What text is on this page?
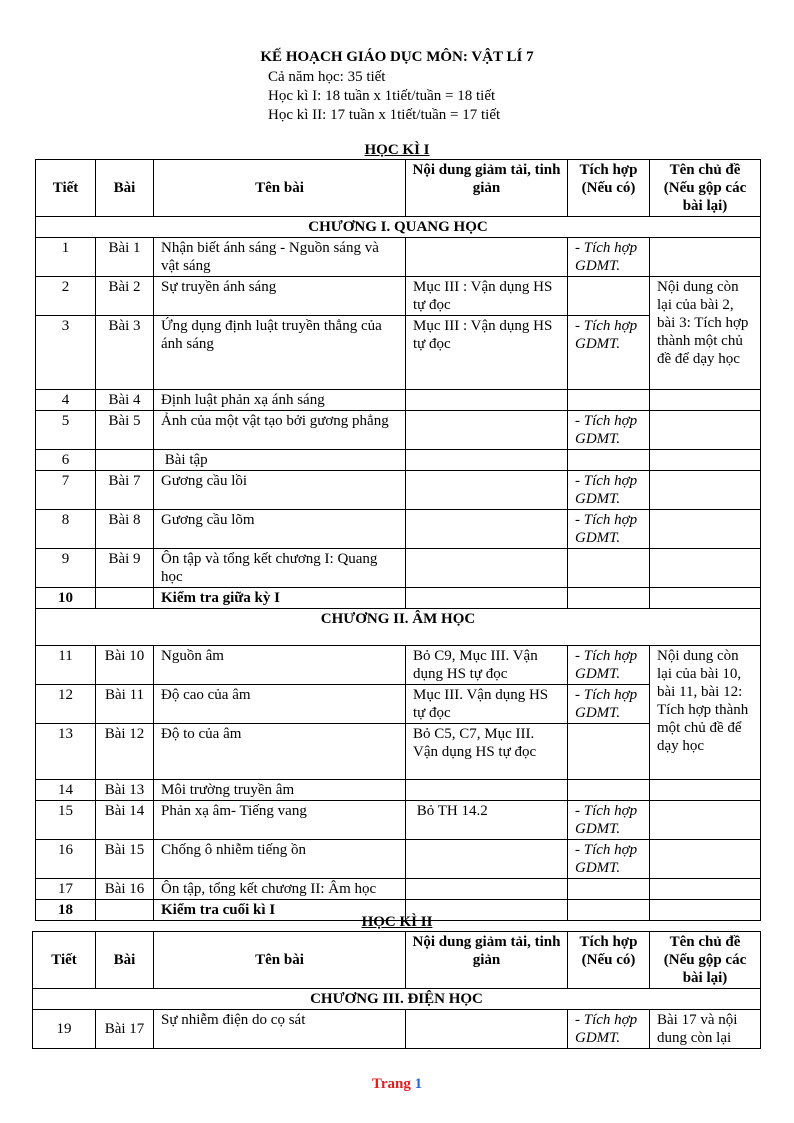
KẾ HOẠCH GIÁO DỤC MÔN: VẬT LÍ 7
Cả năm học: 35 tiết
Học kì I: 18 tuần x 1tiết/tuần = 18 tiết
Học kì II: 17 tuần x 1tiết/tuần = 17 tiết
HỌC KÌ I
Tiết	Bài	Tên bài	Nội dung giảm tải, tinh giản	Tích hợp (Nếu có)	Tên chủ đề (Nếu gộp các bài lại)
CHƯƠNG I. QUANG HỌC					
1	Bài 1	Nhận biết ánh sáng - Nguồn sáng và vật sáng		- Tích hợp GDMT.	
2	Bài 2	Sự truyền ánh sáng	Mục III : Vận dụng HS tự đọc		Nội dung còn lại của bài 2, bài 3: Tích hợp thành một chủ đề để dạy học
3	Bài 3	Ứng dụng định luật truyền thẳng của ánh sáng	Mục III : Vận dụng HS tự đọc	- Tích hợp GDMT.	
4	Bài 4	Định luật phản xạ ánh sáng			
5	Bài 5	Ảnh của một vật tạo bởi gương phẳng		- Tích hợp GDMT.	
6		Bài tập			
7	Bài 7	Gương cầu lồi		- Tích hợp GDMT.	
8	Bài 8	Gương cầu lõm		- Tích hợp GDMT.	
9	Bài 9	Ôn tập và tổng kết chương I: Quang học			
10		Kiểm tra giữa kỳ I			
CHƯƠNG II. ÂM HỌC					
11	Bài 10	Nguồn âm	Bỏ C9, Mục III. Vận dụng HS tự đọc	- Tích hợp GDMT.	Nội dung còn lại của bài 10, bài 11, bài 12: Tích hợp thành một chủ đề để dạy học
12	Bài 11	Độ cao của âm	Mục III. Vận dụng HS tự đọc	- Tích hợp GDMT.	
13	Bài 12	Độ to của âm	Bỏ C5, C7, Mục III. Vận dụng HS tự đọc		
14	Bài 13	Môi trường truyền âm			
15	Bài 14	Phản xạ âm- Tiếng vang	Bỏ TH 14.2	- Tích hợp GDMT.	
16	Bài 15	Chống ô nhiễm tiếng ồn		- Tích hợp GDMT.	
17	Bài 16	Ôn tập, tổng kết chương II: Âm học			
18		Kiểm tra cuối kì I			
HỌC KÌ II
Tiết	Bài	Tên bài	Nội dung giảm tải, tinh giản	Tích hợp (Nếu có)	Tên chủ đề (Nếu gộp các bài lại)
CHƯƠNG III. ĐIỆN HỌC					
19	Bài 17	Sự nhiễm điện do cọ sát		- Tích hợp GDMT.	Bài 17 và nội dung còn lại
Trang 1
